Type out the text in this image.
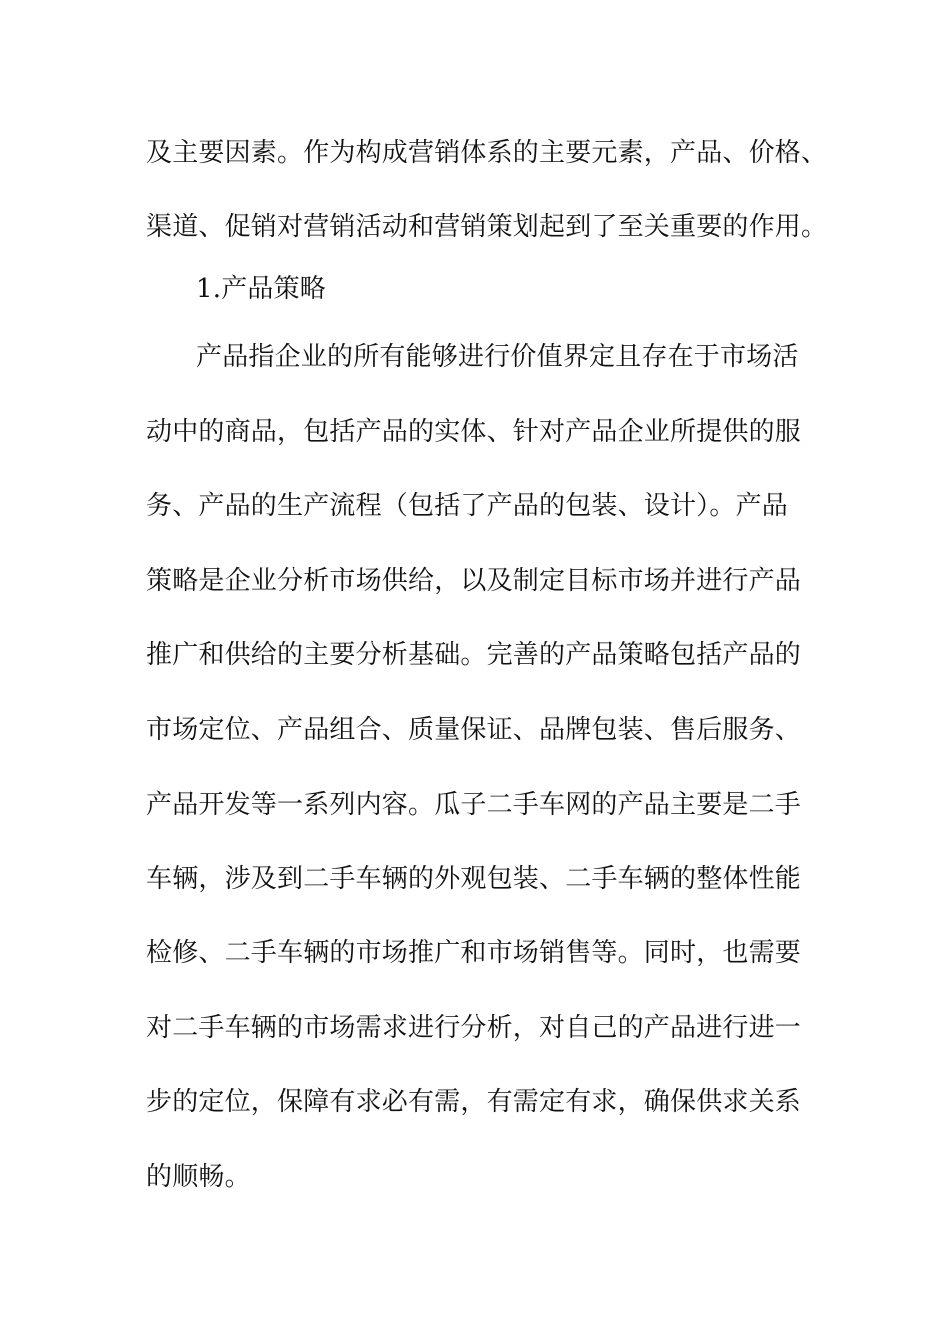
及主要因素。作为构成营销体系的主要元素，产品、价格、
渠道、促销对营销活动和营销策划起到了至关重要的作用。
1.产品策略
产品指企业的所有能够进行价值界定且存在于市场活
动中的商品，包括产品的实体、针对产品企业所提供的服
务、产品的生产流程（包括了产品的包装、设计）。产品
策略是企业分析市场供给，以及制定目标市场并进行产品
推广和供给的主要分析基础。完善的产品策略包括产品的
市场定位、产品组合、质量保证、品牌包装、售后服务、
产品开发等一系列内容。瓜子二手车网的产品主要是二手
车辆，涉及到二手车辆的外观包装、二手车辆的整体性能
检修、二手车辆的市场推广和市场销售等。同时，也需要
对二手车辆的市场需求进行分析，对自己的产品进行进一
步的定位，保障有求必有需，有需定有求，确保供求关系
的顺畅。
